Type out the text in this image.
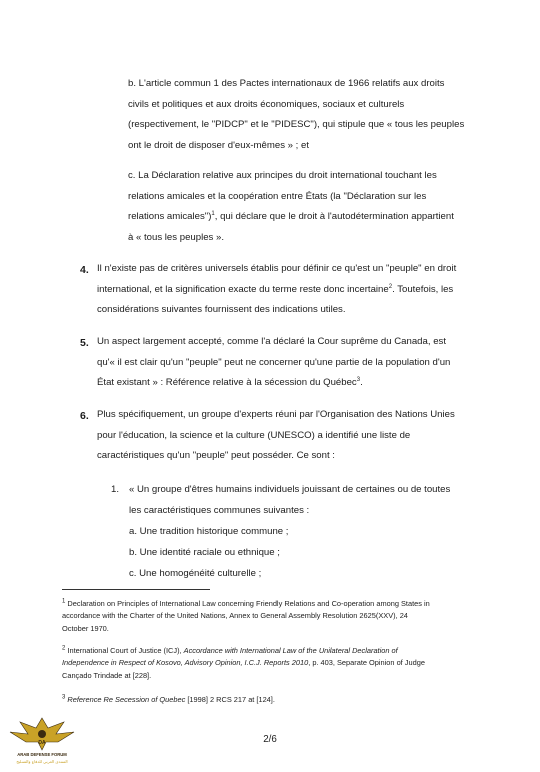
b. L'article commun 1 des Pactes internationaux de 1966 relatifs aux droits
civils et politiques et aux droits économiques, sociaux et culturels
(respectivement, le "PIDCP" et le "PIDESC"), qui stipule que « tous les peuples
ont le droit de disposer d'eux-mêmes » ; et
c. La Déclaration relative aux principes du droit international touchant les
relations amicales et la coopération entre États (la "Déclaration sur les
relations amicales")$^1$, qui déclare que le droit à l'autodétermination appartient
à « tous les peuples ».
4. Il n'existe pas de critères universels établis pour définir ce qu'est un "peuple" en droit
international, et la signification exacte du terme reste donc incertaine$^2$. Toutefois, les
considérations suivantes fournissent des indications utiles.
5. Un aspect largement accepté, comme l'a déclaré la Cour suprême du Canada, est
qu'« il est clair qu'un "peuple" peut ne concerner qu'une partie de la population d'un
État existant » : Référence relative à la sécession du Québec$^3$.
6. Plus spécifiquement, un groupe d'experts réuni par l'Organisation des Nations Unies
pour l'éducation, la science et la culture (UNESCO) a identifié une liste de
caractéristiques qu'un "peuple" peut posséder. Ce sont :
1. « Un groupe d'êtres humains individuels jouissant de certaines ou de toutes
les caractéristiques communes suivantes :
a. Une tradition historique commune ;
b. Une identité raciale ou ethnique ;
c. Une homogénéité culturelle ;
$^1$ Declaration on Principles of International Law concerning Friendly Relations and Co-operation among States in
accordance with the Charter of the United Nations, Annex to General Assembly Resolution 2625(XXV), 24
October 1970.
$^2$ International Court of Justice (ICJ), Accordance with International Law of the Unilateral Declaration of
Independence in Respect of Kosovo, Advisory Opinion, I.C.J. Reports 2010, p. 403, Separate Opinion of Judge
Cançado Trindade at [228].
$^3$ Reference Re Secession of Quebec [1998] 2 RCS 217 at [124].
2/6
DA
ARAB DEFENSE FORUM
المنتدى العربي للدفاع والتسليح
